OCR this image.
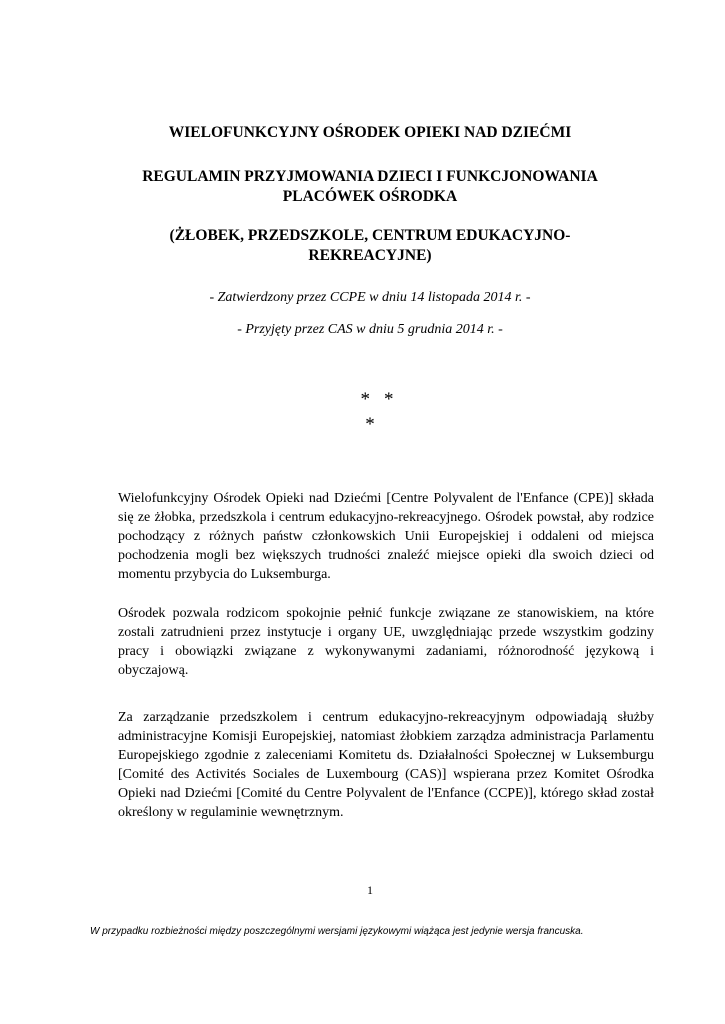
WIELOFUNKCYJNY OŚRODEK OPIEKI NAD DZIEĆMI
REGULAMIN PRZYJMOWANIA DZIECI I FUNKCJONOWANIA PLACÓWEK OŚRODKA
(ŻŁOBEK, PRZEDSZKOLE, CENTRUM EDUKACYJNO-REKREACYJNE)

- Zatwierdzony przez CCPE w dniu 14 listopada 2014 r. -

- Przyjęty przez CAS w dniu 5 grudnia 2014 r. -

**
*

Wielofunkcyjny Ośrodek Opieki nad Dziećmi [Centre Polyvalent de l'Enfance (CPE)] składa się ze żłobka, przedszkola i centrum edukacyjno-rekreacyjnego. Ośrodek powstał, aby rodzice pochodzący z różnych państw członkowskich Unii Europejskiej i oddaleni od miejsca pochodzenia mogli bez większych trudności znaleźć miejsce opieki dla swoich dzieci od momentu przybycia do Luksemburga.

Ośrodek pozwala rodzicom spokojnie pełnić funkcje związane ze stanowiskiem, na które zostali zatrudnieni przez instytucje i organy UE, uwzględniając przede wszystkim godziny pracy i obowiązki związane z wykonywanymi zadaniami, różnorodność językową i obyczajową.

Za zarządzanie przedszkolem i centrum edukacyjno-rekreacyjnym odpowiadają służby administracyjne Komisji Europejskiej, natomiast żłobkiem zarządza administracja Parlamentu Europejskiego zgodnie z zaleceniami Komitetu ds. Działalności Społecznej w Luksemburgu [Comité des Activités Sociales de Luxembourg (CAS)] wspierana przez Komitet Ośrodka Opieki nad Dziećmi [Comité du Centre Polyvalent de l'Enfance (CCPE)], którego skład został określony w regulaminie wewnętrznym.

1
W przypadku rozbieżności między poszczególnymi wersjami językowymi wiążąca jest jedynie wersja francuska.
